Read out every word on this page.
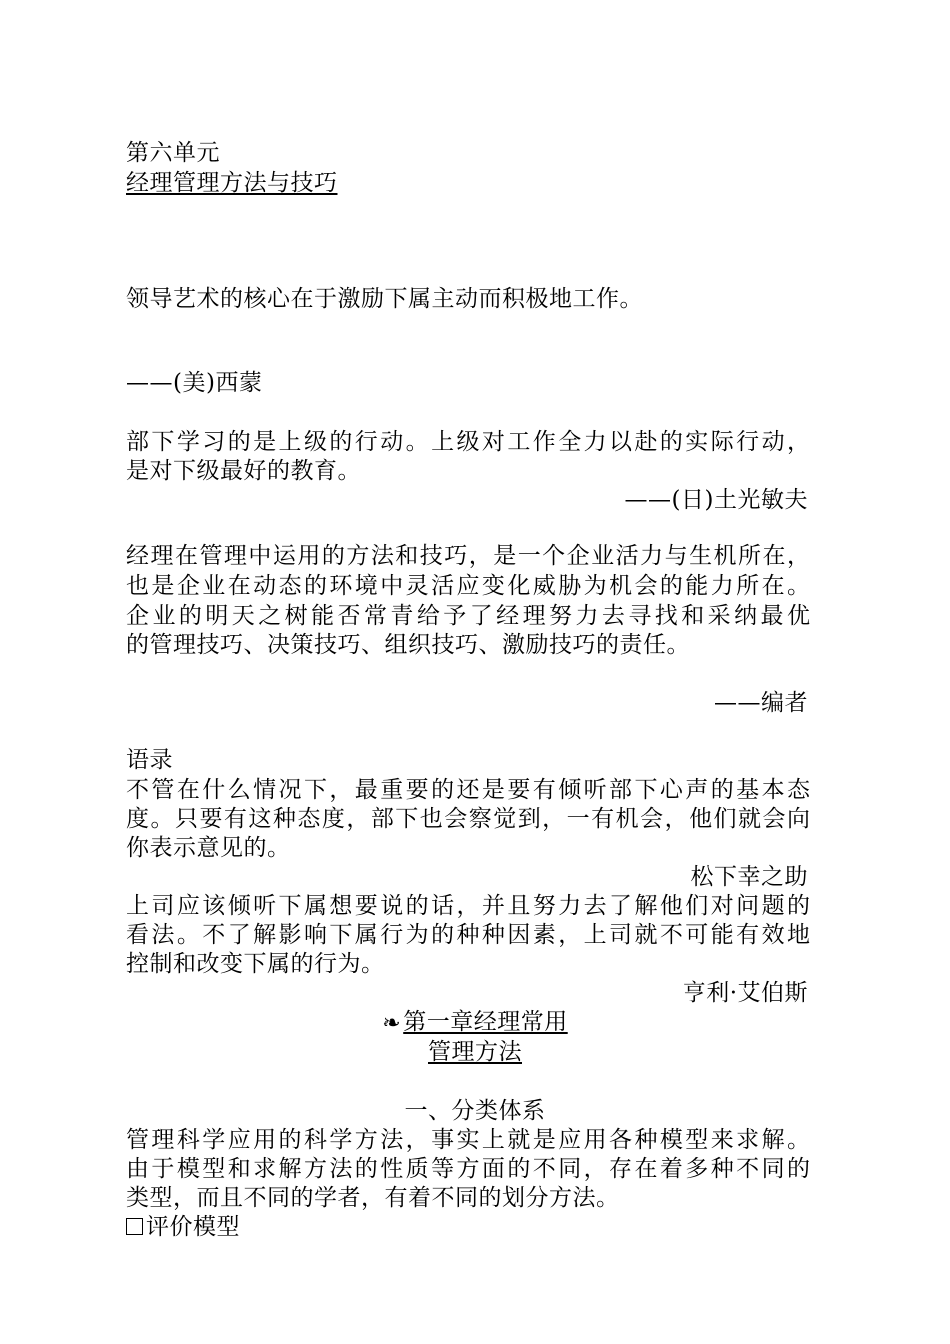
第六单元
经理管理方法与技巧
领导艺术的核心在于激励下属主动而积极地工作。
——(美)西蒙
部下学习的是上级的行动。上级对工作全力以赴的实际行动，
是对下级最好的教育。
——(日)土光敏夫
经理在管理中运用的方法和技巧，是一个企业活力与生机所在，
也是企业在动态的环境中灵活应变化威胁为机会的能力所在。
企业的明天之树能否常青给予了经理努力去寻找和采纳最优
的管理技巧、决策技巧、组织技巧、激励技巧的责任。
——编者
语录
不管在什么情况下，最重要的还是要有倾听部下心声的基本态
度。只要有这种态度，部下也会察觉到，一有机会，他们就会向
你表示意见的。
松下幸之助
上司应该倾听下属想要说的话，并且努力去了解他们对问题的
看法。不了解影响下属行为的种种因素，上司就不可能有效地
控制和改变下属的行为。
亨利·艾伯斯
❧第一章经理常用
管理方法
一、分类体系
管理科学应用的科学方法，事实上就是应用各种模型来求解。
由于模型和求解方法的性质等方面的不同，存在着多种不同的
类型，而且不同的学者，有着不同的划分方法。
评价模型
